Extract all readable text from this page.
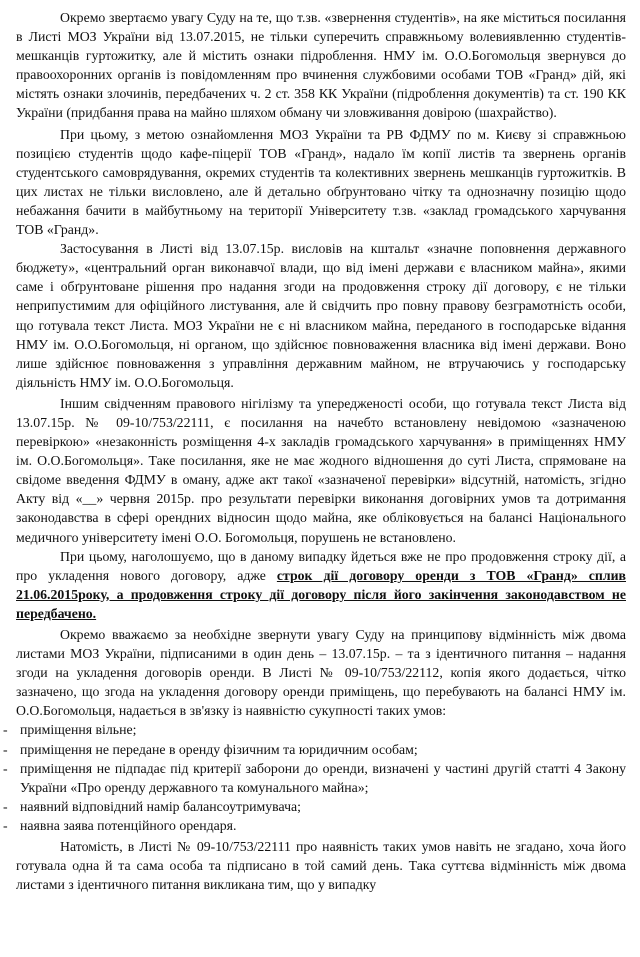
Окремо звертаємо увагу Суду на те, що т.зв. «звернення студентів», на яке міститься посилання в Листі МОЗ України від 13.07.2015, не тільки суперечить справжньому волевиявленню студентів-мешканців гуртожитку, але й містить ознаки підроблення. НМУ ім. О.О.Богомольця звернувся до правоохоронних органів із повідомленням про вчинення службовими особами ТОВ «Гранд» дій, які містять ознаки злочинів, передбачених ч. 2 ст. 358 КК України (підроблення документів) та ст. 190 КК України (придбання права на майно шляхом обману чи зловживання довірою (шахрайство).

При цьому, з метою ознайомлення МОЗ України та РВ ФДМУ по м. Києву зі справжньою позицією студентів щодо кафе-піцерії ТОВ «Гранд», надало їм копії листів та звернень органів студентського самоврядування, окремих студентів та колективних звернень мешканців гуртожитків. В цих листах не тільки висловлено, але й детально обґрунтовано чітку та однозначну позицію щодо небажання бачити в майбутньому на території Університету т.зв. «заклад громадського харчування ТОВ «Гранд».

Застосування в Листі від 13.07.15р. висловів на кштальт «значне поповнення державного бюджету», «центральний орган виконавчої влади, що від імені держави є власником майна», якими саме і обґрунтоване рішення про надання згоди на продовження строку дії договору, є не тільки неприпустимим для офіційного листування, але й свідчить про повну правову безграмотність особи, що готувала текст Листа. МОЗ України не є ні власником майна, переданого в господарське відання НМУ ім. О.О.Богомольця, ні органом, що здійснює повноваження власника від імені держави. Воно лише здійснює повноваження з управління державним майном, не втручаючись у господарську діяльність НМУ ім. О.О.Богомольця.

Іншим свідченням правового нігілізму та упередженості особи, що готувала текст Листа від 13.07.15р. № 09-10/753/22111, є посилання на начебто встановлену невідомою «зазначеною перевіркою» «незаконність розміщення 4-х закладів громадського харчування» в приміщеннях НМУ ім. О.О.Богомольця». Таке посилання, яке не має жодного відношення до суті Листа, спрямоване на свідоме введення ФДМУ в оману, адже акт такої «зазначеної перевірки» відсутній, натомість, згідно Акту від «__» червня 2015р. про результати перевірки виконання договірних умов та дотримання законодавства в сфері орендних відносин щодо майна, яке обліковується на балансі Національного медичного університету імені О.О. Богомольця, порушень не встановлено.

При цьому, наголошуємо, що в даному випадку йдеться вже не про продовження строку дії, а про укладення нового договору, адже строк дії договору оренди з ТОВ «Гранд» сплив 21.06.2015року, а продовження строку дії договору після його закінчення законодавством не передбачено.

Окремо вважаємо за необхідне звернути увагу Суду на принципову відмінність між двома листами МОЗ України, підписаними в один день – 13.07.15р. – та з ідентичного питання – надання згоди на укладення договорів оренди. В Листі № 09-10/753/22112, копія якого додається, чітко зазначено, що згода на укладення договору оренди приміщень, що перебувають на балансі НМУ ім. О.О.Богомольця, надається в зв'язку із наявністю сукупності таких умов:

- приміщення вільне;
- приміщення не передане в оренду фізичним та юридичним особам;
- приміщення не підпадає під критерії заборони до оренди, визначені у частині другій статті 4 Закону України «Про оренду державного та комунального майна»;
- наявний відповідний намір балансоутримувача;
- наявна заява потенційного орендаря.

Натомість, в Листі № 09-10/753/22111 про наявність таких умов навіть не згадано, хоча його готувала одна й та сама особа та підписано в той самий день. Така суттєва відмінність між двома листами з ідентичного питання викликана тим, що у випадку
